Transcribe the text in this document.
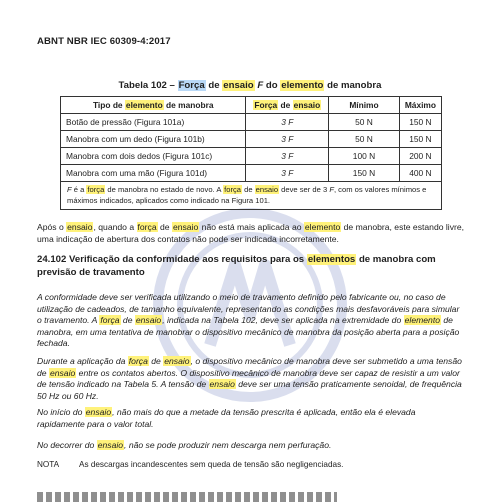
ABNT NBR IEC 60309-4:2017
Tabela 102 – Força de ensaio F do elemento de manobra
Tipo de elemento de manobra	Força de ensaio	Mínimo	Máximo
Botão de pressão (Figura 101a)	3 F	50 N	150 N
Manobra com um dedo (Figura 101b)	3 F	50 N	150 N
Manobra com dois dedos (Figura 101c)	3 F	100 N	200 N
Manobra com uma mão (Figura 101d)	3 F	150 N	400 N
F é a força de manobra no estado de novo. A força de ensaio deve ser de 3 F, com os valores mínimos e máximos indicados, aplicados como indicado na Figura 101.			
Após o ensaio, quando a força de ensaio não está mais aplicada ao elemento de manobra, este estando livre, uma indicação de abertura dos contatos não pode ser indicada incorretamente.
24.102 Verificação da conformidade aos requisitos para os elementos de manobra com previsão de travamento
A conformidade deve ser verificada utilizando o meio de travamento definido pelo fabricante ou, no caso de utilização de cadeados, de tamanho equivalente, representando as condições mais desfavoráveis para simular o travamento. A força de ensaio, indicada na Tabela 102, deve ser aplicada na extremidade do elemento de manobra, em uma tentativa de manobrar o dispositivo mecânico de manobra da posição aberta para a posição fechada.
Durante a aplicação da força de ensaio, o dispositivo mecânico de manobra deve ser submetido a uma tensão de ensaio entre os contatos abertos. O dispositivo mecânico de manobra deve ser capaz de resistir a um valor de tensão indicado na Tabela 5. A tensão de ensaio deve ser uma tensão praticamente senoidal, de frequência 50 Hz ou 60 Hz.
No início do ensaio, não mais do que a metade da tensão prescrita é aplicada, então ela é elevada rapidamente para o valor total.
No decorrer do ensaio, não se pode produzir nem descarga nem perfuração.
NOTA As descargas incandescentes sem queda de tensão são negligenciadas.
